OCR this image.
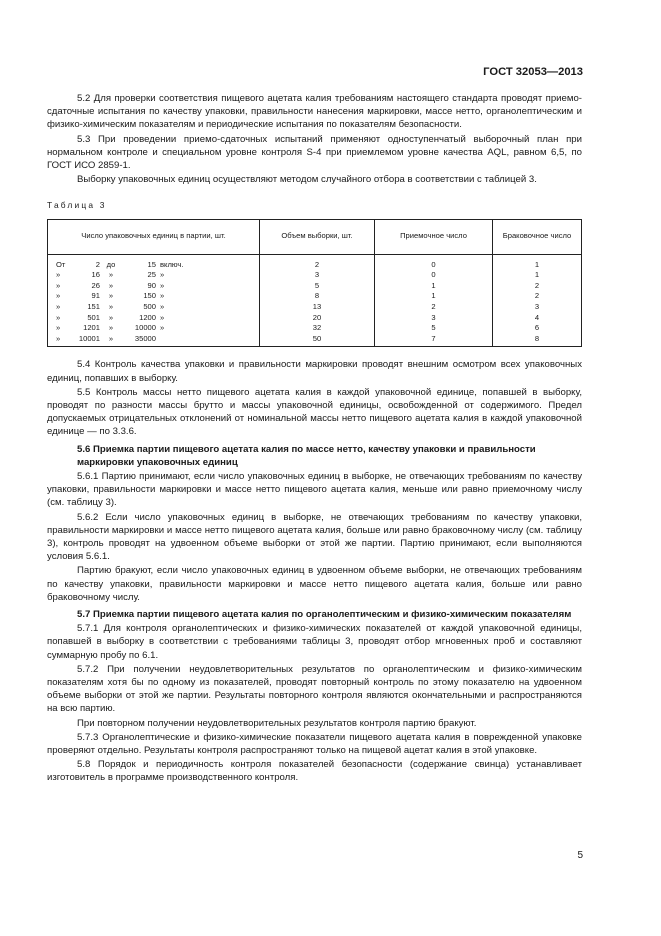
ГОСТ 32053—2013

5.2 Для проверки соответствия пищевого ацетата калия требованиям настоящего стандарта проводят приемо-сдаточные испытания по качеству упаковки, правильности нанесения маркировки, массе нетто, органолептическим и физико-химическим показателям и периодические испытания по показателям безопасности.

5.3 При проведении приемо-сдаточных испытаний применяют одноступенчатый выборочный план при нормальном контроле и специальном уровне контроля S-4 при приемлемом уровне качества AQL, равном 6,5, по ГОСТ ИСО 2859-1.

Выборку упаковочных единиц осуществляют методом случайного отбора в соответствии с таблицей 3.

Таблица 3
Число упаковочных единиц в партии, шт.	Объем выборки, шт.	Приемочное число	Браковочное число
От 2 до 15 включ.	2	0	1
» 16 » 25 »	3	0	1
» 26 » 90 »	5	1	2
» 91 » 150 »	8	1	2
» 151 » 500 »	13	2	3
» 501 » 1200 »	20	3	4
» 1201 » 10000 »	32	5	6
» 10001 » 35000	50	7	8

5.4 Контроль качества упаковки и правильности маркировки проводят внешним осмотром всех упаковочных единиц, попавших в выборку.

5.5 Контроль массы нетто пищевого ацетата калия в каждой упаковочной единице, попавшей в выборку, проводят по разности массы брутто и массы упаковочной единицы, освобожденной от содержимого. Предел допускаемых отрицательных отклонений от номинальной массы нетто пищевого ацетата калия в каждой упаковочной единице — по 3.3.6.

5.6 Приемка партии пищевого ацетата калия по массе нетто, качеству упаковки и правильности маркировки упаковочных единиц

5.6.1 Партию принимают, если число упаковочных единиц в выборке, не отвечающих требованиям по качеству упаковки, правильности маркировки и массе нетто пищевого ацетата калия, меньше или равно приемочному числу (см. таблицу 3).

5.6.2 Если число упаковочных единиц в выборке, не отвечающих требованиям по качеству упаковки, правильности маркировки и массе нетто пищевого ацетата калия, больше или равно браковочному числу (см. таблицу 3), контроль проводят на удвоенном объеме выборки от этой же партии. Партию принимают, если выполняются условия 5.6.1.

Партию бракуют, если число упаковочных единиц в удвоенном объеме выборки, не отвечающих требованиям по качеству упаковки, правильности маркировки и массе нетто пищевого ацетата калия, больше или равно браковочному числу.

5.7 Приемка партии пищевого ацетата калия по органолептическим и физико-химическим показателям

5.7.1 Для контроля органолептических и физико-химических показателей от каждой упаковочной единицы, попавшей в выборку в соответствии с требованиями таблицы 3, проводят отбор мгновенных проб и составляют суммарную пробу по 6.1.

5.7.2 При получении неудовлетворительных результатов по органолептическим и физико-химическим показателям хотя бы по одному из показателей, проводят повторный контроль по этому показателю на удвоенном объеме выборки от этой же партии. Результаты повторного контроля являются окончательными и распространяются на всю партию.

При повторном получении неудовлетворительных результатов контроля партию бракуют.

5.7.3 Органолептические и физико-химические показатели пищевого ацетата калия в поврежденной упаковке проверяют отдельно. Результаты контроля распространяют только на пищевой ацетат калия в этой упаковке.

5.8 Порядок и периодичность контроля показателей безопасности (содержание свинца) устанавливает изготовитель в программе производственного контроля.

5
